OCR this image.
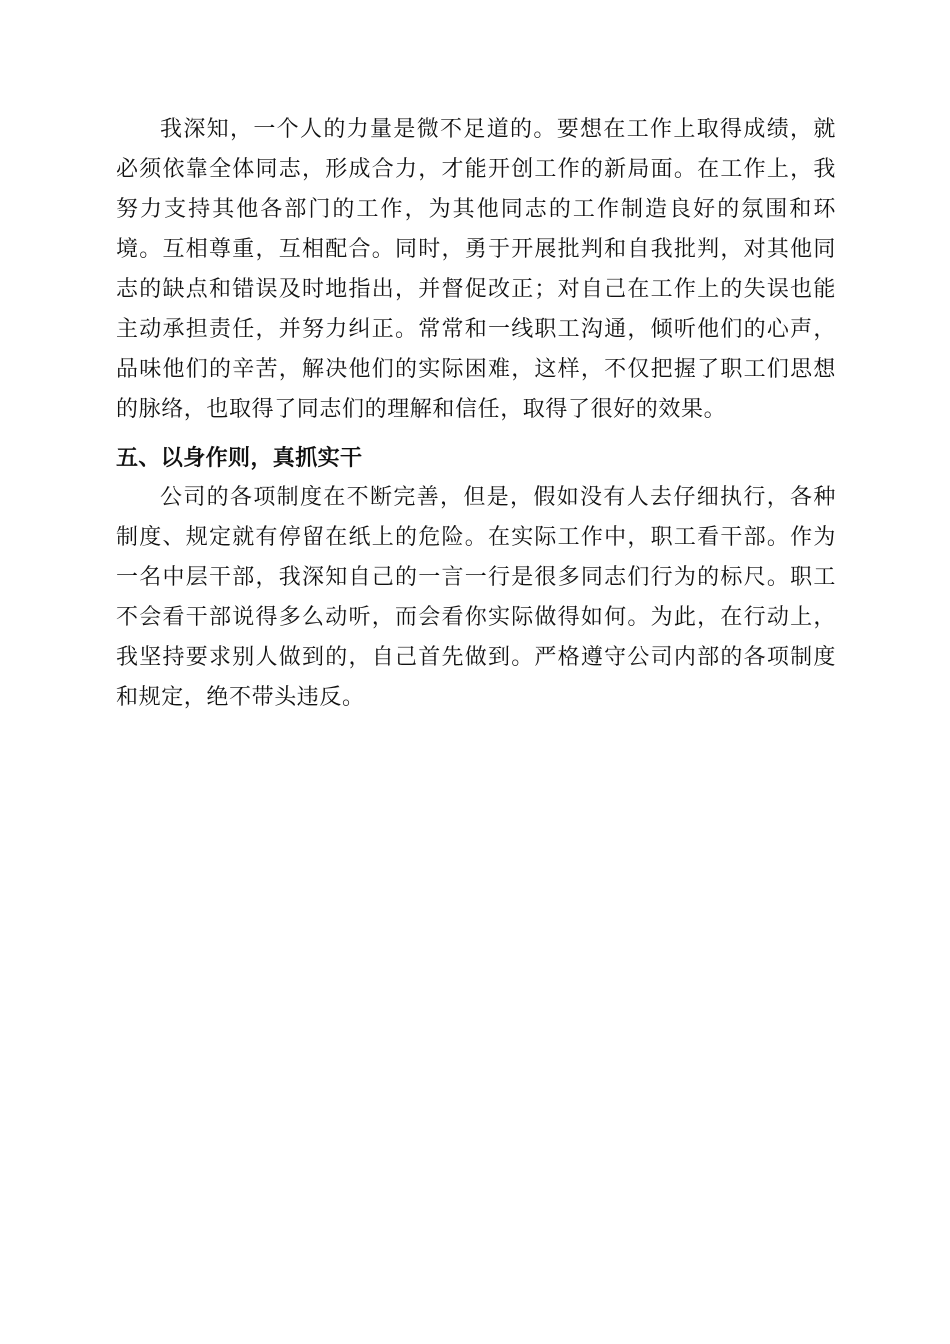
我深知，一个人的力量是微不足道的。要想在工作上取得成绩，就必须依靠全体同志，形成合力，才能开创工作的新局面。在工作上，我努力支持其他各部门的工作，为其他同志的工作制造良好的氛围和环境。互相尊重，互相配合。同时，勇于开展批判和自我批判，对其他同志的缺点和错误及时地指出，并督促改正；对自己在工作上的失误也能主动承担责任，并努力纠正。常常和一线职工沟通，倾听他们的心声，品味他们的辛苦，解决他们的实际困难，这样，不仅把握了职工们思想的脉络，也取得了同志们的理解和信任，取得了很好的效果。

五、以身作则，真抓实干

公司的各项制度在不断完善，但是，假如没有人去仔细执行，各种制度、规定就有停留在纸上的危险。在实际工作中，职工看干部。作为一名中层干部，我深知自己的一言一行是很多同志们行为的标尺。职工不会看干部说得多么动听，而会看你实际做得如何。为此，在行动上，我坚持要求别人做到的，自己首先做到。严格遵守公司内部的各项制度和规定，绝不带头违反。
